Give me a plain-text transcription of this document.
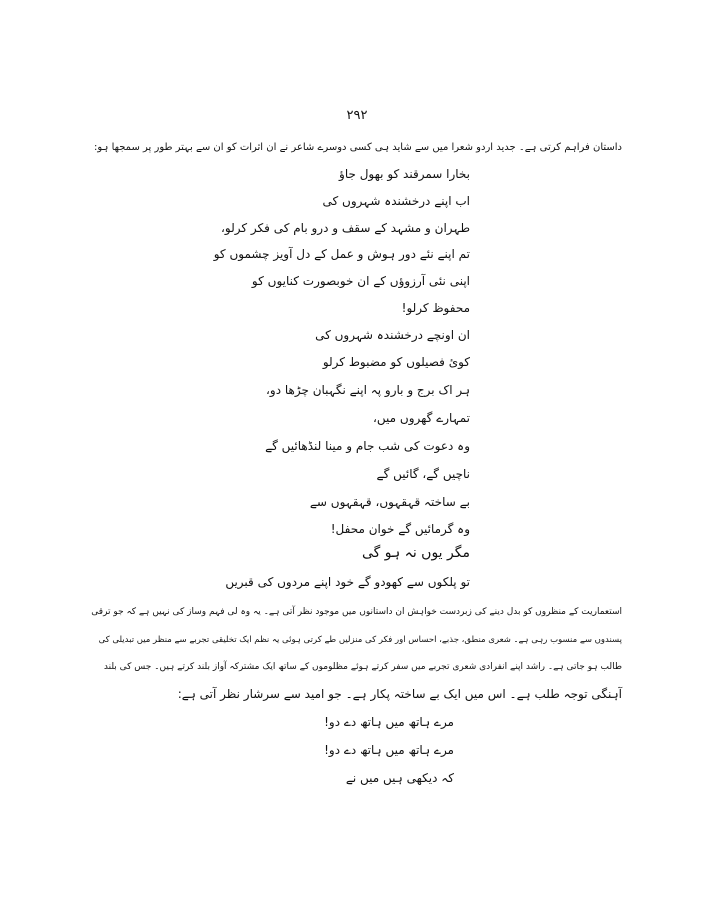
۲۹۲
داستان فراہم کرتی ہے۔ جدید اردو شعرا میں سے شاید ہی کسی دوسرے شاعر نے ان اثرات کو ان سے بہتر طور پر سمجھا ہو:
بخارا سمرقند کو بھول جاؤ
اب اپنے درخشندہ شہروں کی
طہران و مشہد کے سقف و درو بام کی فکر کرلو،
تم اپنے نئے دور ہوش و عمل کے دل آویز چشموں کو
اپنی نئی آرزوؤں کے ان خوبصورت کنایوں کو
محفوظ کرلو!
ان اونچے درخشندہ شہروں کی
کوئ فصیلوں کو مضبوط کرلو
ہر اک برج و بارو پہ اپنے نگہبان چڑھا دو،
تمہارے گھروں میں،
وہ دعوت کی شب جام و مینا لنڈھائیں گے
ناچیں گے، گائیں گے
بے ساختہ قہقہوں، قہقہوں سے
وہ گرمائیں گے خوان محفل!
مگر یوں نہ ہو گی
تو پلکوں سے کھودو گے خود اپنے مردوں کی قبریں
استعماریت کے منظروں کو بدل دینے کی زبردست خواہش ان داستانوں میں موجود نظر آتی ہے۔ یہ وہ لی فہم وساز کی نہیں ہے کہ جو ترقی
پسندوں سے منسوب رہی ہے۔ شعری منطق، جذبے، احساس اور فکر کی منزلیں طے کرتی ہوئی یہ نظم ایک تخلیقی تجربے سے منظر میں تبدیلی کی
طالب ہو جاتی ہے۔ راشد اپنے انفرادی شعری تجربے میں سفر کرتے ہوئے مظلوموں کے ساتھ ایک مشترکہ آواز بلند کرتے ہیں۔ جس کی بلند
آہنگی توجہ طلب ہے۔ اس میں ایک بے ساختہ پکار ہے۔ جو امید سے سرشار نظر آتی ہے:
مرے ہاتھ میں ہاتھ دے دو!
مرے ہاتھ میں ہاتھ دے دو!
کہ دیکھی ہیں میں نے
